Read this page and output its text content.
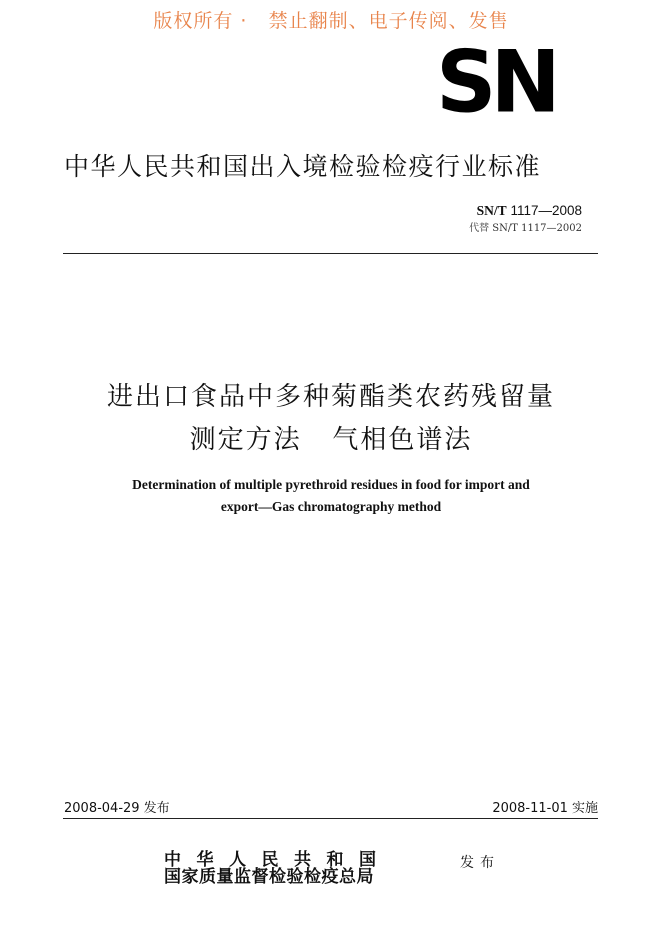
版权所有 ·   禁止翻制、电子传阅、发售
SN
中华人民共和国出入境检验检疫行业标准
SN/T 1117—2008
代替 SN/T 1117—2002
进出口食品中多种菊酯类农药残留量
测定方法   气相色谱法
Determination of multiple pyrethroid residues in food for import and
export—Gas chromatography method
2008-04-29 发布	2008-11-01 实施
中华人民共和国
国家质量监督检验检疫总局
发布
